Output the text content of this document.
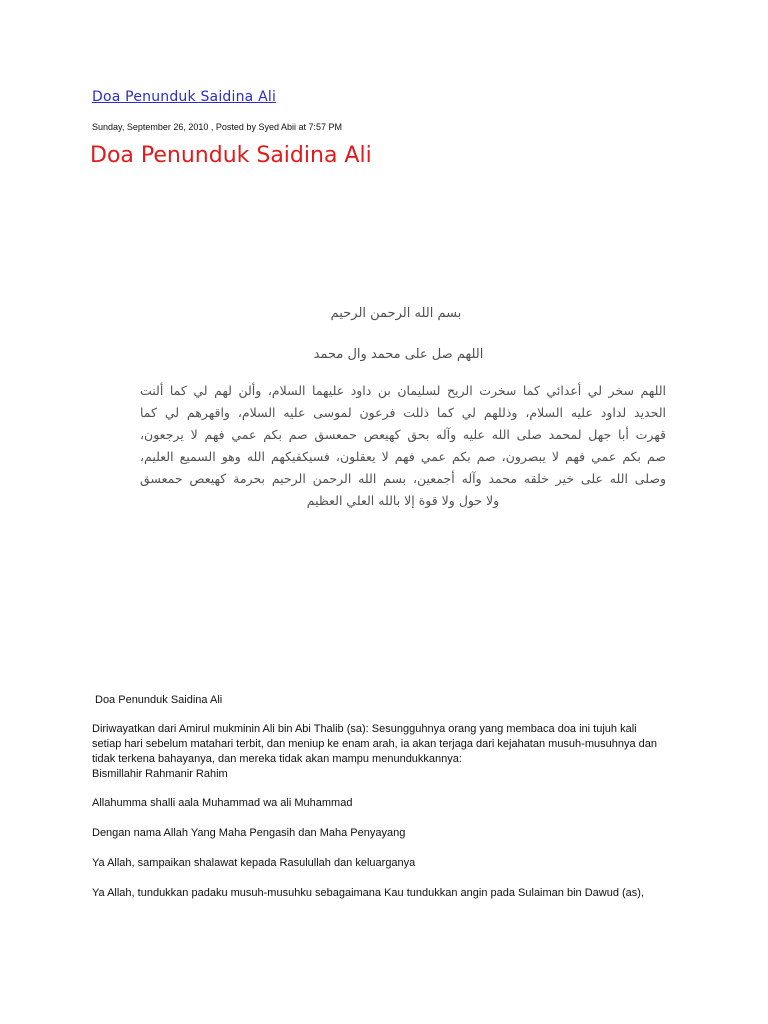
Doa Penunduk Saidina Ali
Sunday, September 26, 2010 , Posted by Syed Abii at 7:57 PM
Doa Penunduk Saidina Ali
بسم الله الرحمن الرحيم
اللهم صل على محمد وآل محمد
اللهم سخر لي أعدائي كما سخرت الريح لسليمان بن داود عليهما السلام، وألن لهم لي كما ألنت
الحديد لداود عليه السلام، وذللهم لي كما ذللت فرعون لموسى عليه السلام، واقهرهم لي كما
قهرت أبا جهل لمحمد صلى الله عليه وآله بحق كهيعص حمعسق صم بكم عمي فهم لا يرجعون،
صم بكم عمي فهم لا يبصرون، صم بكم عمي فهم لا يعقلون، فسيكفيكهم الله وهو السميع العليم،
وصلى الله على خير خلقه محمد وآله أجمعين، بسم الله الرحمن الرحيم بحرمة كهيعص حمعسق
ولا حول ولا قوة إلا بالله العلي العظيم
Doa Penunduk Saidina Ali
Diriwayatkan dari Amirul mukminin Ali bin Abi Thalib (sa): Sesungguhnya orang yang membaca doa ini tujuh kali
setiap hari sebelum matahari terbit, dan meniup ke enam arah, ia akan terjaga dari kejahatan musuh-musuhnya dan
tidak terkena bahayanya, dan mereka tidak akan mampu menundukkannya:
Bismillahir Rahmanir Rahim
Allahumma shalli aala Muhammad wa ali Muhammad
Dengan nama Allah Yang Maha Pengasih dan Maha Penyayang
Ya Allah, sampaikan shalawat kepada Rasulullah dan keluarganya
Ya Allah, tundukkan padaku musuh-musuhku sebagaimana Kau tundukkan angin pada Sulaiman bin Dawud (as),
